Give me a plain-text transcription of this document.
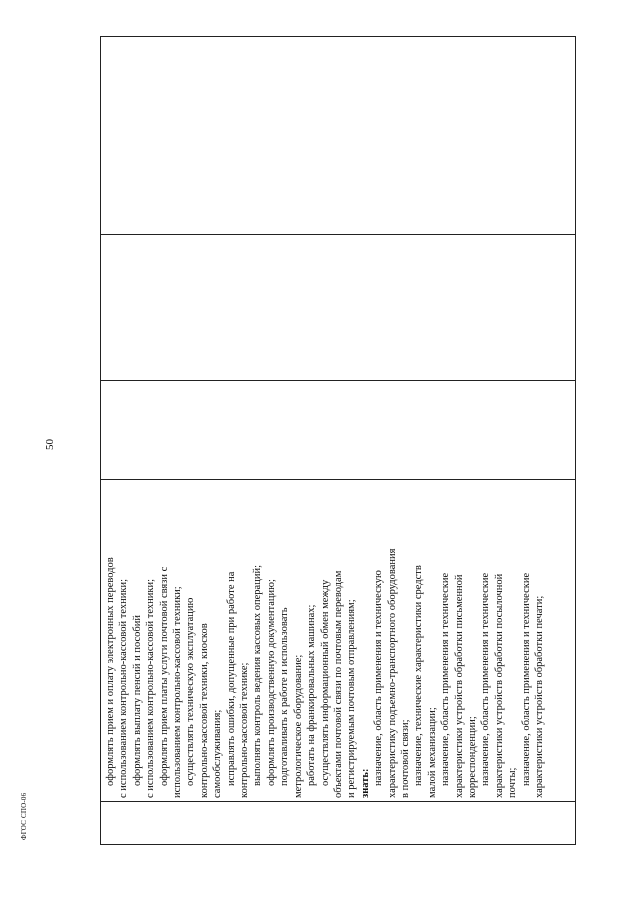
50

оформлять прием и оплату электронных переводов с использованием контрольно-кассовой техники; оформлять выплату пенсий и пособий с использованием контрольно-кассовой техники; оформлять прием платы услуги почтовой связи с использованием контрольно-кассовой техники; осуществлять техническую эксплуатацию контрольно-кассовой техники, киосков самообслуживания; исправлять ошибки, допущенные при работе на контрольно-кассовой технике; выполнять контроль ведения кассовых операций; оформлять производственную документацию; подготавливать к работе и использовать метрологическое оборудование; работать на франкировальных машинах; осуществлять информационный обмен между объектами почтовой связи по почтовым переводам и регистрируемым почтовым отправлениям; знать: назначение, область применения и техническую характеристику подъемно-транспортного оборудования в почтовой связи; назначение, технические характеристики средств малой механизации; назначение, область применения и технические характеристики устройств обработки письменной корреспонденции; назначение, область применения и технические характеристики устройств обработки посылочной почты; назначение, область применения и технические характеристики устройств обработки печати;

ФГОС СПО-06
